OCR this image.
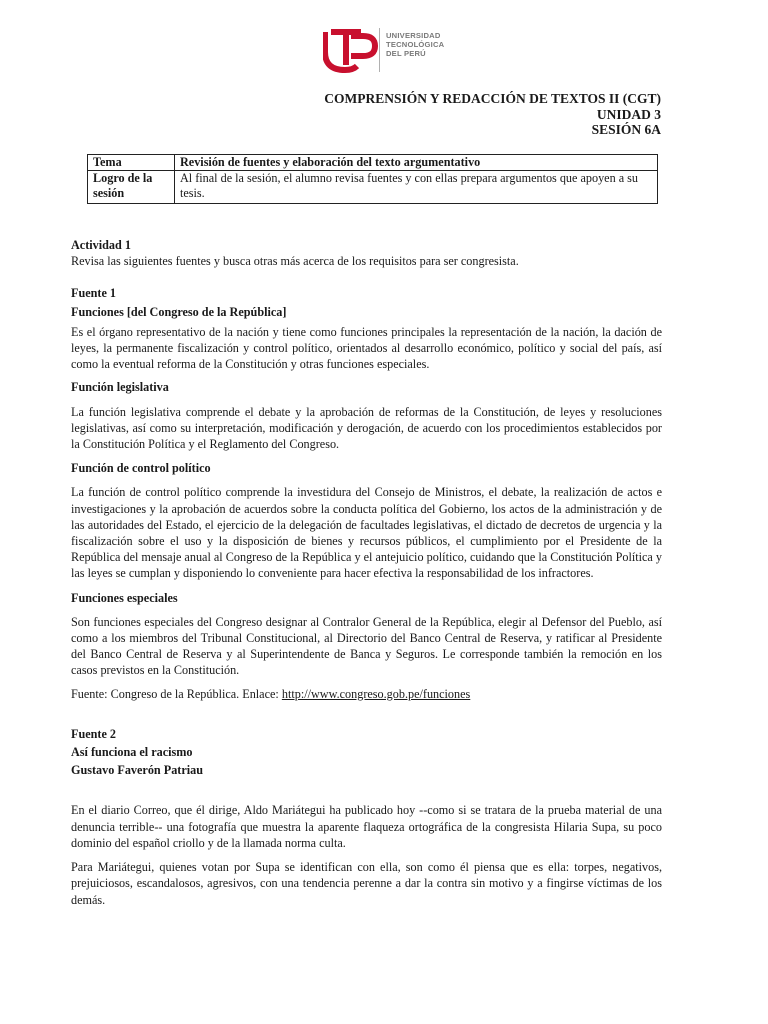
UNIVERSIDAD
TECNOLÓGICA
DEL PERÚ
COMPRENSIÓN Y REDACCIÓN DE TEXTOS II (CGT)
UNIDAD 3
SESIÓN 6A
Tema	Revisión de fuentes y elaboración del texto argumentativo
Logro de la sesión	Al final de la sesión, el alumno revisa fuentes y con ellas prepara argumentos que apoyen a su tesis.

Actividad 1

Revisa las siguientes fuentes y busca otras más acerca de los requisitos para ser congresista.

Fuente 1

Funciones [del Congreso de la República]

Es el órgano representativo de la nación y tiene como funciones principales la representación de la nación, la dación de leyes, la permanente fiscalización y control político, orientados al desarrollo económico, político y social del país, así como la eventual reforma de la Constitución y otras funciones especiales.

Función legislativa

La función legislativa comprende el debate y la aprobación de reformas de la Constitución, de leyes y resoluciones legislativas, así como su interpretación, modificación y derogación, de acuerdo con los procedimientos establecidos por la Constitución Política y el Reglamento del Congreso.

Función de control político

La función de control político comprende la investidura del Consejo de Ministros, el debate, la realización de actos e investigaciones y la aprobación de acuerdos sobre la conducta política del Gobierno, los actos de la administración y de las autoridades del Estado, el ejercicio de la delegación de facultades legislativas, el dictado de decretos de urgencia y la fiscalización sobre el uso y la disposición de bienes y recursos públicos, el cumplimiento por el Presidente de la República del mensaje anual al Congreso de la República y el antejuicio político, cuidando que la Constitución Política y las leyes se cumplan y disponiendo lo conveniente para hacer efectiva la responsabilidad de los infractores.

Funciones especiales

Son funciones especiales del Congreso designar al Contralor General de la República, elegir al Defensor del Pueblo, así como a los miembros del Tribunal Constitucional, al Directorio del Banco Central de Reserva, y ratificar al Presidente del Banco Central de Reserva y al Superintendente de Banca y Seguros. Le corresponde también la remoción en los casos previstos en la Constitución.

Fuente: Congreso de la República. Enlace: http://www.congreso.gob.pe/funciones

Fuente 2

Así funciona el racismo

Gustavo Faverón Patriau

En el diario Correo, que él dirige, Aldo Mariátegui ha publicado hoy --como si se tratara de la prueba material de una denuncia terrible-- una fotografía que muestra la aparente flaqueza ortográfica de la congresista Hilaria Supa, su poco dominio del español criollo y de la llamada norma culta.

Para Mariátegui, quienes votan por Supa se identifican con ella, son como él piensa que es ella: torpes, negativos, prejuiciosos, escandalosos, agresivos, con una tendencia perenne a dar la contra sin motivo y a fingirse víctimas de los demás.
